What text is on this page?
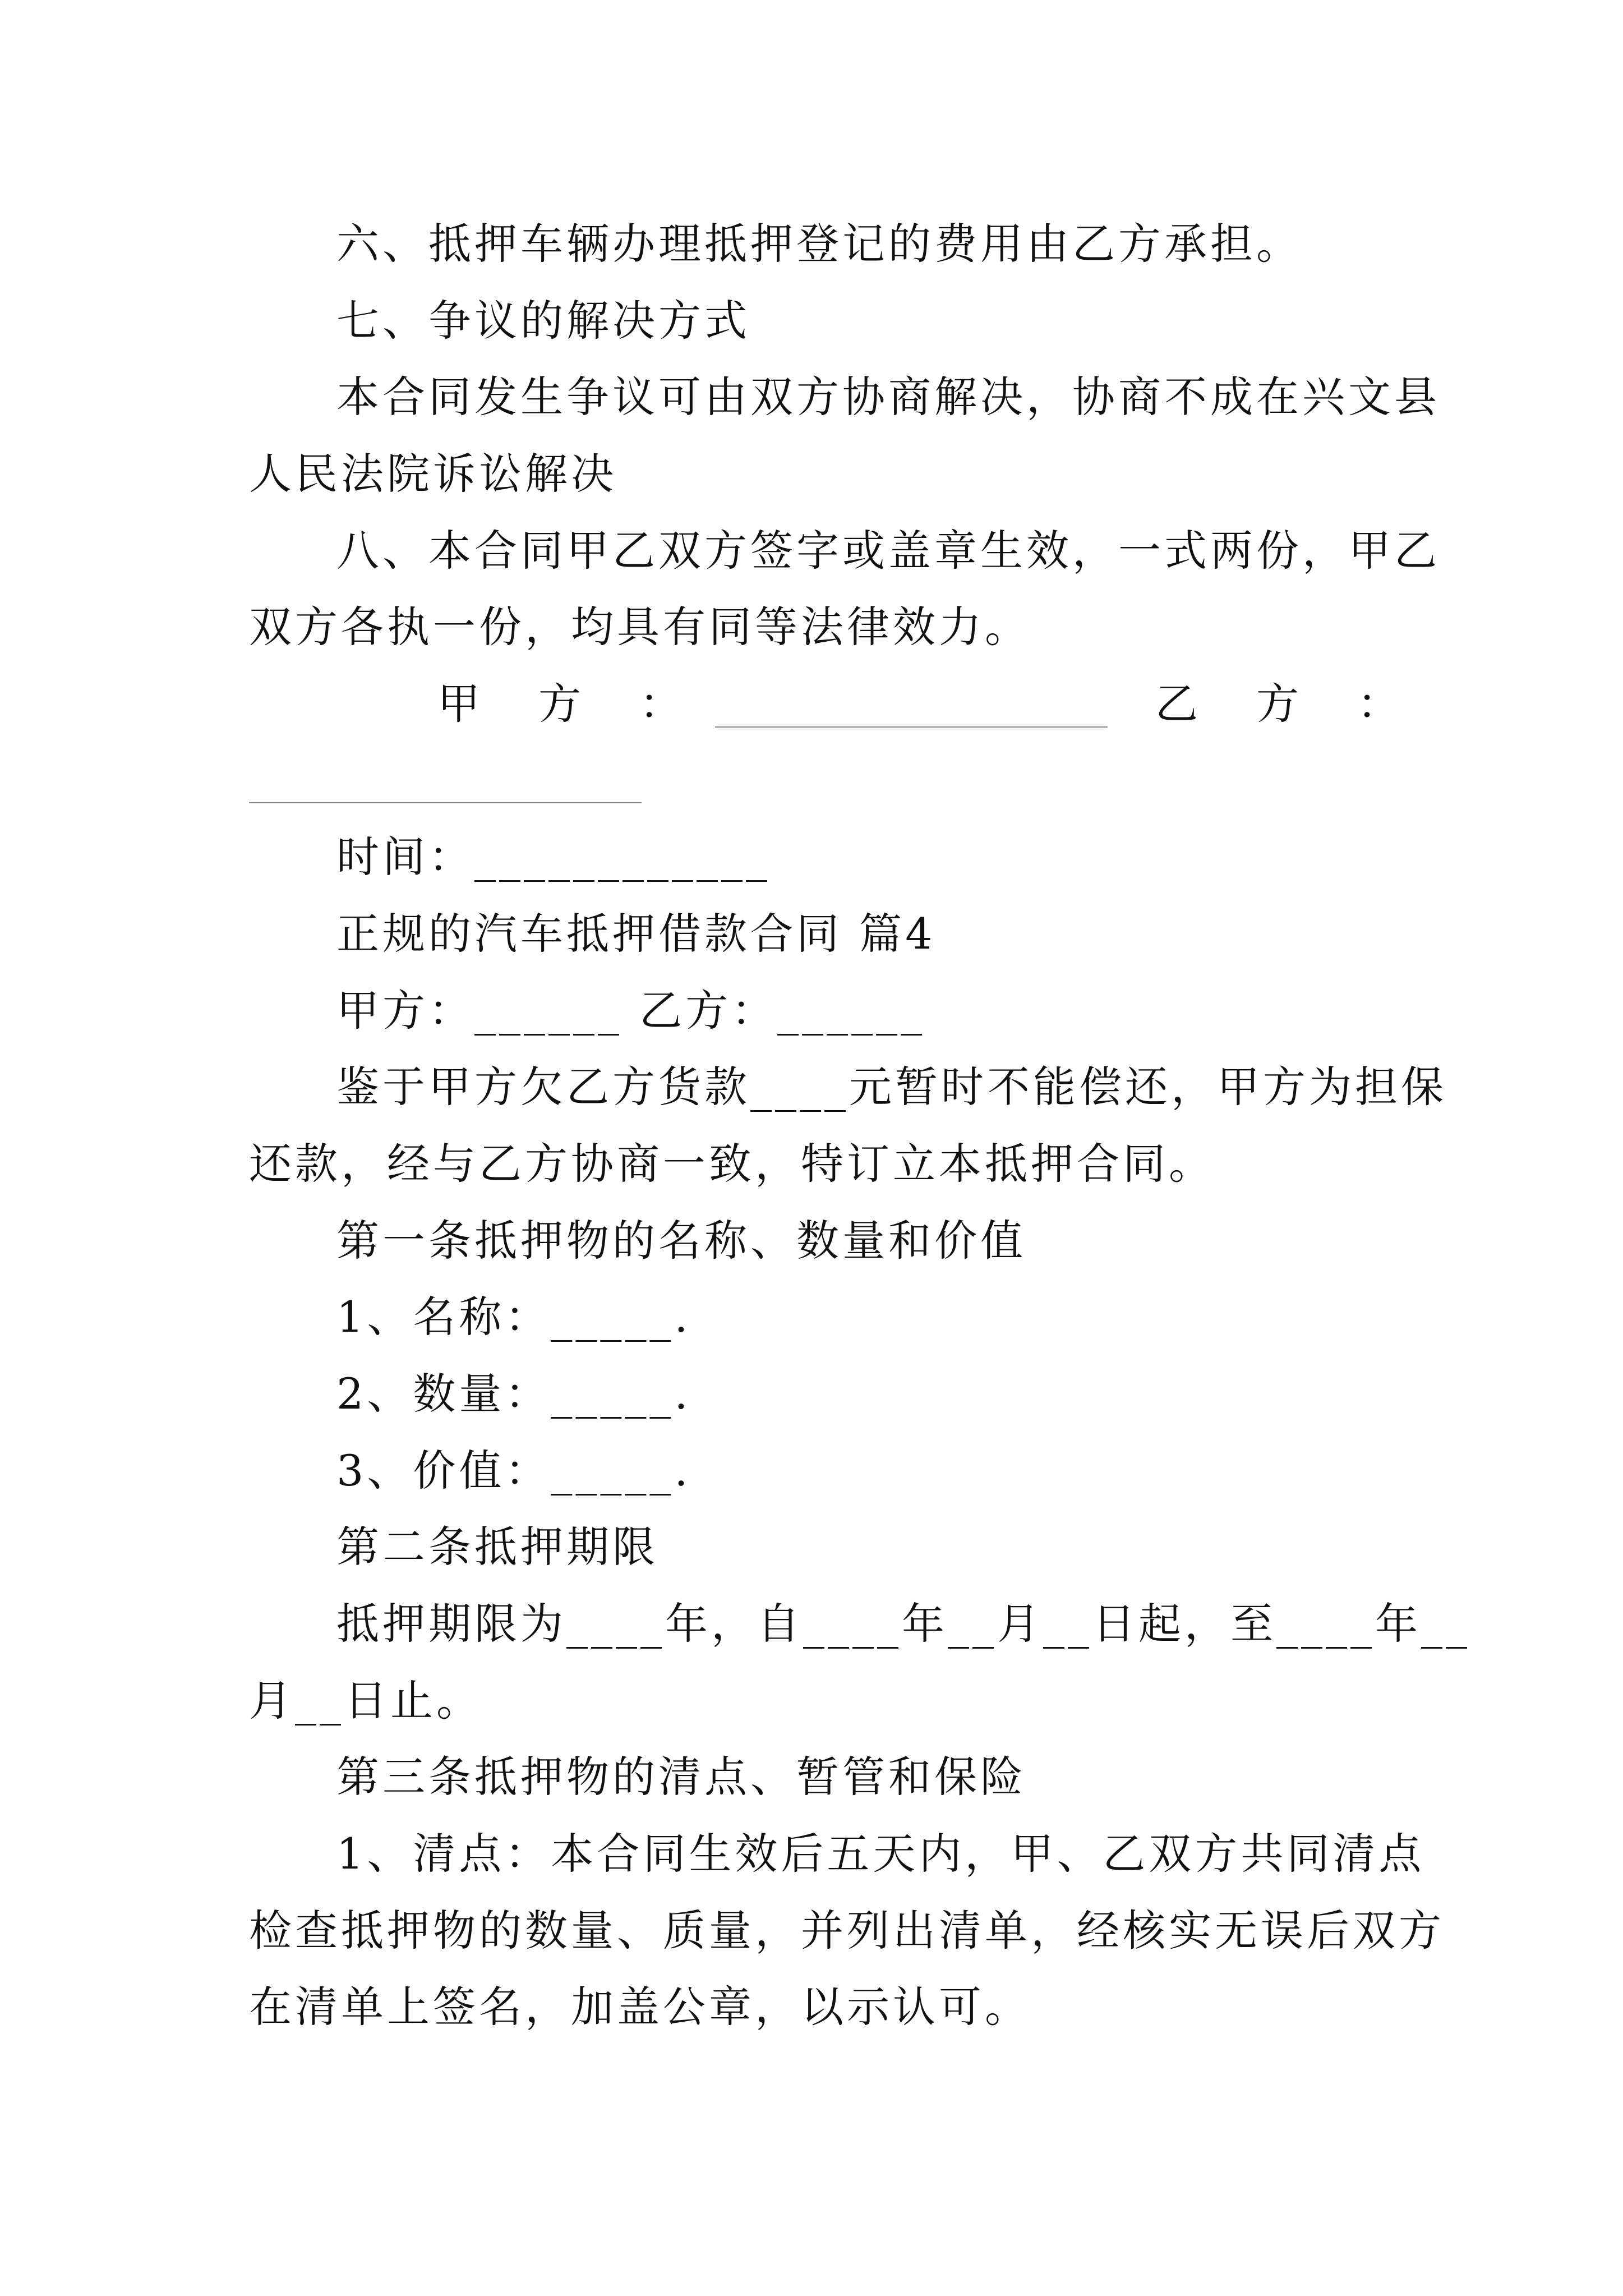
六、抵押车辆办理抵押登记的费用由乙方承担。
七、争议的解决方式
本合同发生争议可由双方协商解决，协商不成在兴文县
人民法院诉讼解决
八、本合同甲乙双方签字或盖章生效，一式两份，甲乙
双方各执一份，均具有同等法律效力。
甲　方　：	乙　方　：
时间：____________
正规的汽车抵押借款合同 篇4
甲方：______ 乙方：______
鉴于甲方欠乙方货款____元暂时不能偿还，甲方为担保
还款，经与乙方协商一致，特订立本抵押合同。
第一条抵押物的名称、数量和价值
1、名称：_____.
2、数量：_____.
3、价值：_____.
第二条抵押期限
抵押期限为____年，自____年__月__日起，至____年__
月__日止。
第三条抵押物的清点、暂管和保险
1、清点：本合同生效后五天内，甲、乙双方共同清点
检查抵押物的数量、质量，并列出清单，经核实无误后双方
在清单上签名，加盖公章，以示认可。
